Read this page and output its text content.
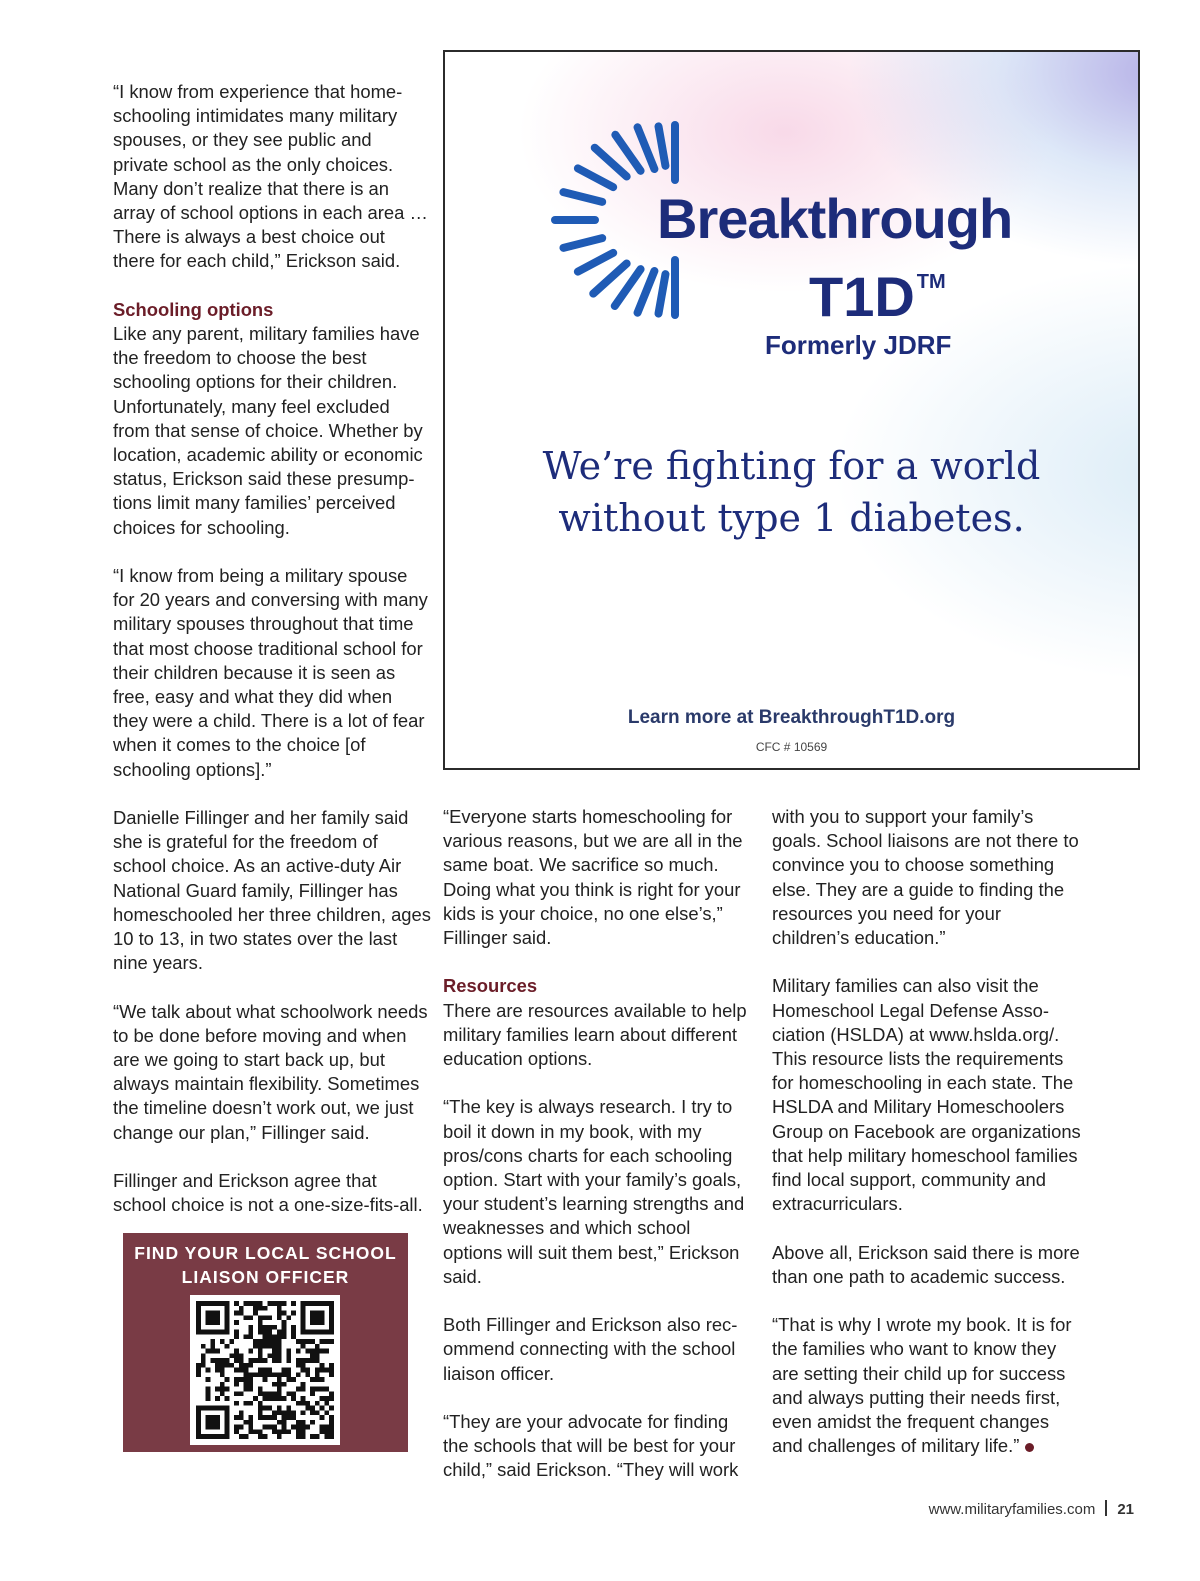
“I know from experience that home-schooling intimidates many military spouses, or they see public and private school as the only choices. Many don’t realize that there is an array of school options in each area … There is always a best choice out there for each child,” Erickson said.

Schooling options

Like any parent, military families have the freedom to choose the best schooling options for their children. Unfortunately, many feel excluded from that sense of choice. Whether by location, academic ability or economic status, Erickson said these presump-tions limit many families’ perceived choices for schooling.

“I know from being a military spouse for 20 years and conversing with many military spouses throughout that time that most choose traditional school for their children because it is seen as free, easy and what they did when they were a child. There is a lot of fear when it comes to the choice [of schooling options].”

Danielle Fillinger and her family said she is grateful for the freedom of school choice. As an active-duty Air National Guard family, Fillinger has homeschooled her three children, ages 10 to 13, in two states over the last nine years.

“We talk about what schoolwork needs to be done before moving and when are we going to start back up, but always maintain flexibility. Sometimes the timeline doesn’t work out, we just change our plan,” Fillinger said.

Fillinger and Erickson agree that school choice is not a one-size-fits-all.

FIND YOUR LOCAL SCHOOL LIAISON OFFICER
Breakthrough
T1D ™
Formerly JDRF
We’re fighting for a world
without type 1 diabetes.
Learn more at BreakthroughT1D.org
CFC # 10569

“Everyone starts homeschooling for various reasons, but we are all in the same boat. We sacrifice so much. Doing what you think is right for your kids is your choice, no one else’s,” Fillinger said.

Resources

There are resources available to help military families learn about different education options.

“The key is always research. I try to boil it down in my book, with my pros/cons charts for each schooling option. Start with your family’s goals, your student’s learning strengths and weaknesses and which school options will suit them best,” Erickson said.

Both Fillinger and Erickson also rec-ommend connecting with the school liaison officer.

“They are your advocate for finding the schools that will be best for your child,” said Erickson. “They will work

with you to support your family’s goals. School liaisons are not there to convince you to choose something else. They are a guide to finding the resources you need for your children’s education.”

Military families can also visit the Homeschool Legal Defense Asso-ciation (HSLDA) at www.hslda.org/. This resource lists the requirements for homeschooling in each state. The HSLDA and Military Homeschoolers Group on Facebook are organizations that help military homeschool families find local support, community and extracurriculars.

Above all, Erickson said there is more than one path to academic success.

“That is why I wrote my book. It is for the families who want to know they are setting their child up for success and always putting their needs first, even amidst the frequent changes and challenges of military life.”

www.militaryfamilies.com 21
